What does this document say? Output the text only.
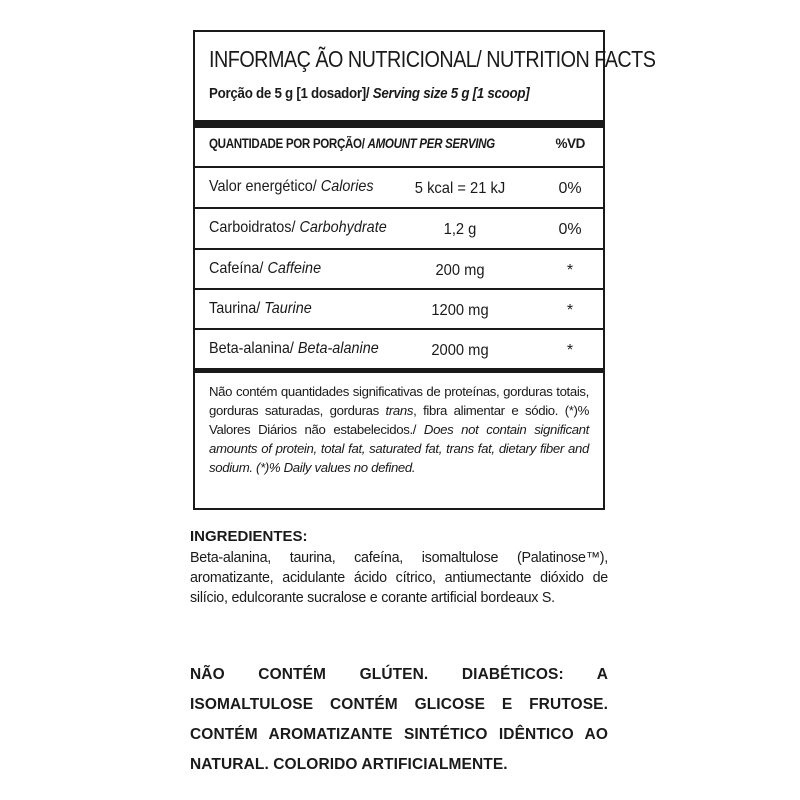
INFORMAÇ ÃO NUTRICIONAL/ NUTRITION FACTS
Porção de 5 g [1 dosador]/ Serving size 5 g [1 scoop]
QUANTIDADE POR PORÇÃO/ AMOUNT PER SERVING	%VD
Valor energético/ Calories	5 kcal = 21 kJ	0%
Carboidratos/ Carbohydrate	1,2 g	0%
Cafeína/ Caffeine	200 mg	*
Taurina/ Taurine	1200 mg	*
Beta-alanina/ Beta-alanine	2000 mg	*
Não contém quantidades significativas de proteínas, gorduras totais, gorduras saturadas, gorduras trans, fibra alimentar e sódio. (*)% Valores Diários não estabelecidos./ Does not contain significant amounts of protein, total fat, saturated fat, trans fat, dietary fiber and sodium. (*)% Daily values no defined.
INGREDIENTES:
Beta-alanina, taurina, cafeína, isomaltulose (Palatinose™), aromatizante, acidulante ácido cítrico, antiumectante dióxido de silício, edulcorante sucralose e corante artificial bordeaux S.
NÃO CONTÉM GLÚTEN. DIABÉTICOS: A ISOMALTULOSE CONTÉM GLICOSE E FRUTOSE. CONTÉM AROMATIZANTE SINTÉTICO IDÊNTICO AO NATURAL. COLORIDO ARTIFICIALMENTE.
